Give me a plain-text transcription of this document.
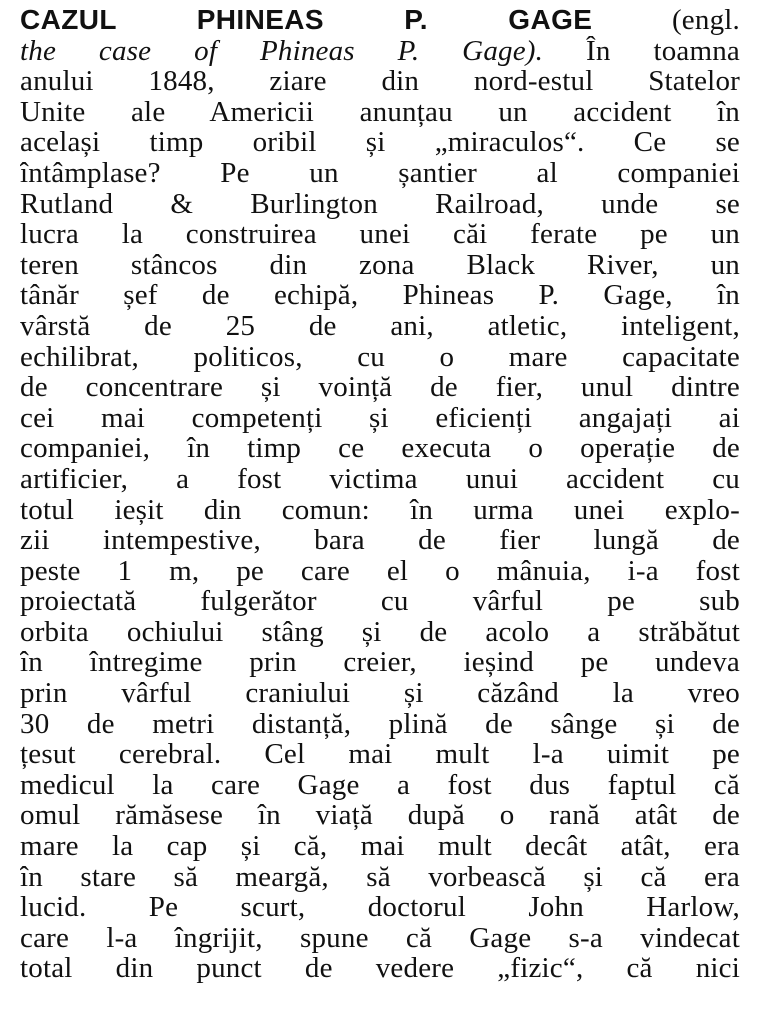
CAZUL PHINEAS P. GAGE	(engl.
the case of Phineas P. Gage). În toamna
anului 1848, ziare din nord-estul Statelor
Unite ale Americii anunțau un accident în
același timp oribil și „miraculos“. Ce se
întâmplase? Pe un șantier al companiei
Rutland & Burlington Railroad, unde se
lucra la construirea unei căi ferate pe un
teren stâncos din zona Black River, un
tânăr șef de echipă, Phineas P. Gage, în
vârstă de 25 de ani, atletic, inteligent,
echilibrat, politicos, cu o mare capacitate
de concentrare și voință de fier, unul dintre
cei mai competenți și eficienți angajați ai
companiei, în timp ce executa o operație de
artificier, a fost victima unui accident cu
totul ieșit din comun: în urma unei explo-
zii intempestive, bara de fier lungă de
peste 1 m, pe care el o mânuia, i-a fost
proiectată fulgerător cu vârful pe sub
orbita ochiului stâng și de acolo a străbătut
în întregime prin creier, ieșind pe undeva
prin vârful craniului și căzând la vreo
30 de metri distanță, plină de sânge și de
țesut cerebral. Cel mai mult l-a uimit pe
medicul la care Gage a fost dus faptul că
omul rămăsese în viață după o rană atât de
mare la cap și că, mai mult decât atât, era
în stare să meargă, să vorbească și că era
lucid. Pe scurt, doctorul John Harlow,
care l-a îngrijit, spune că Gage s-a vindecat
total din punct de vedere „fizic“, că nici
